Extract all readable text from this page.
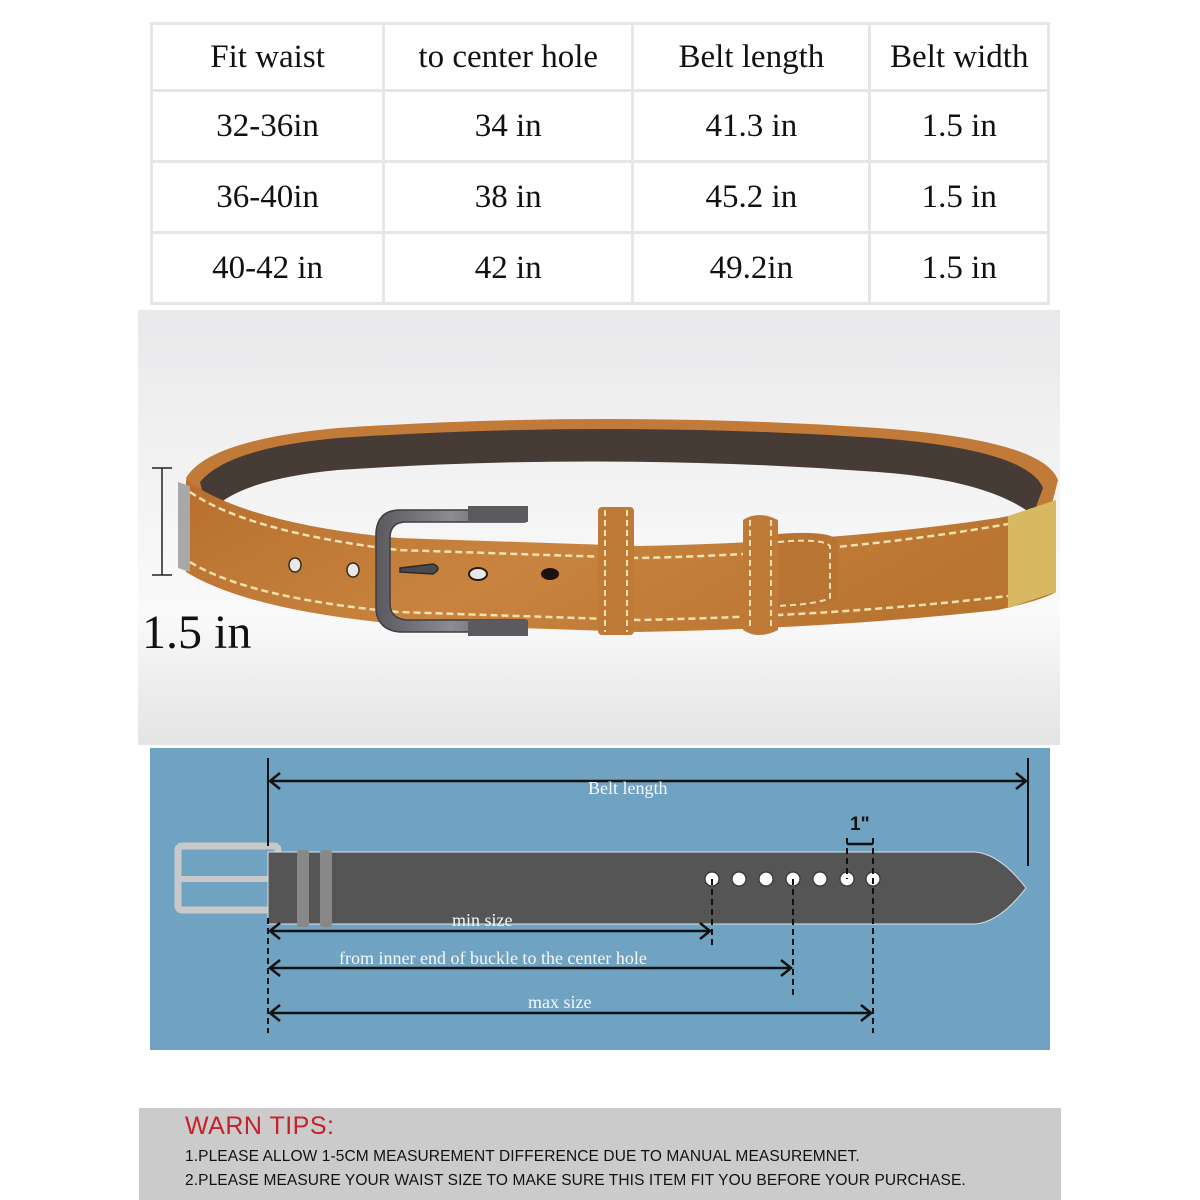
Fit waist	to center hole	Belt length	Belt width
32-36in	34 in	41.3 in	1.5 in
36-40in	38 in	45.2 in	1.5 in
40-42 in	42 in	49.2in	1.5 in
1.5 in
Belt length
1"
min size
from inner end of buckle to the center hole
max size
WARN TIPS:
1.PLEASE ALLOW 1-5CM MEASUREMENT DIFFERENCE DUE TO MANUAL MEASUREMNET.
2.PLEASE MEASURE YOUR WAIST SIZE TO MAKE SURE THIS ITEM FIT YOU BEFORE YOUR PURCHASE.
